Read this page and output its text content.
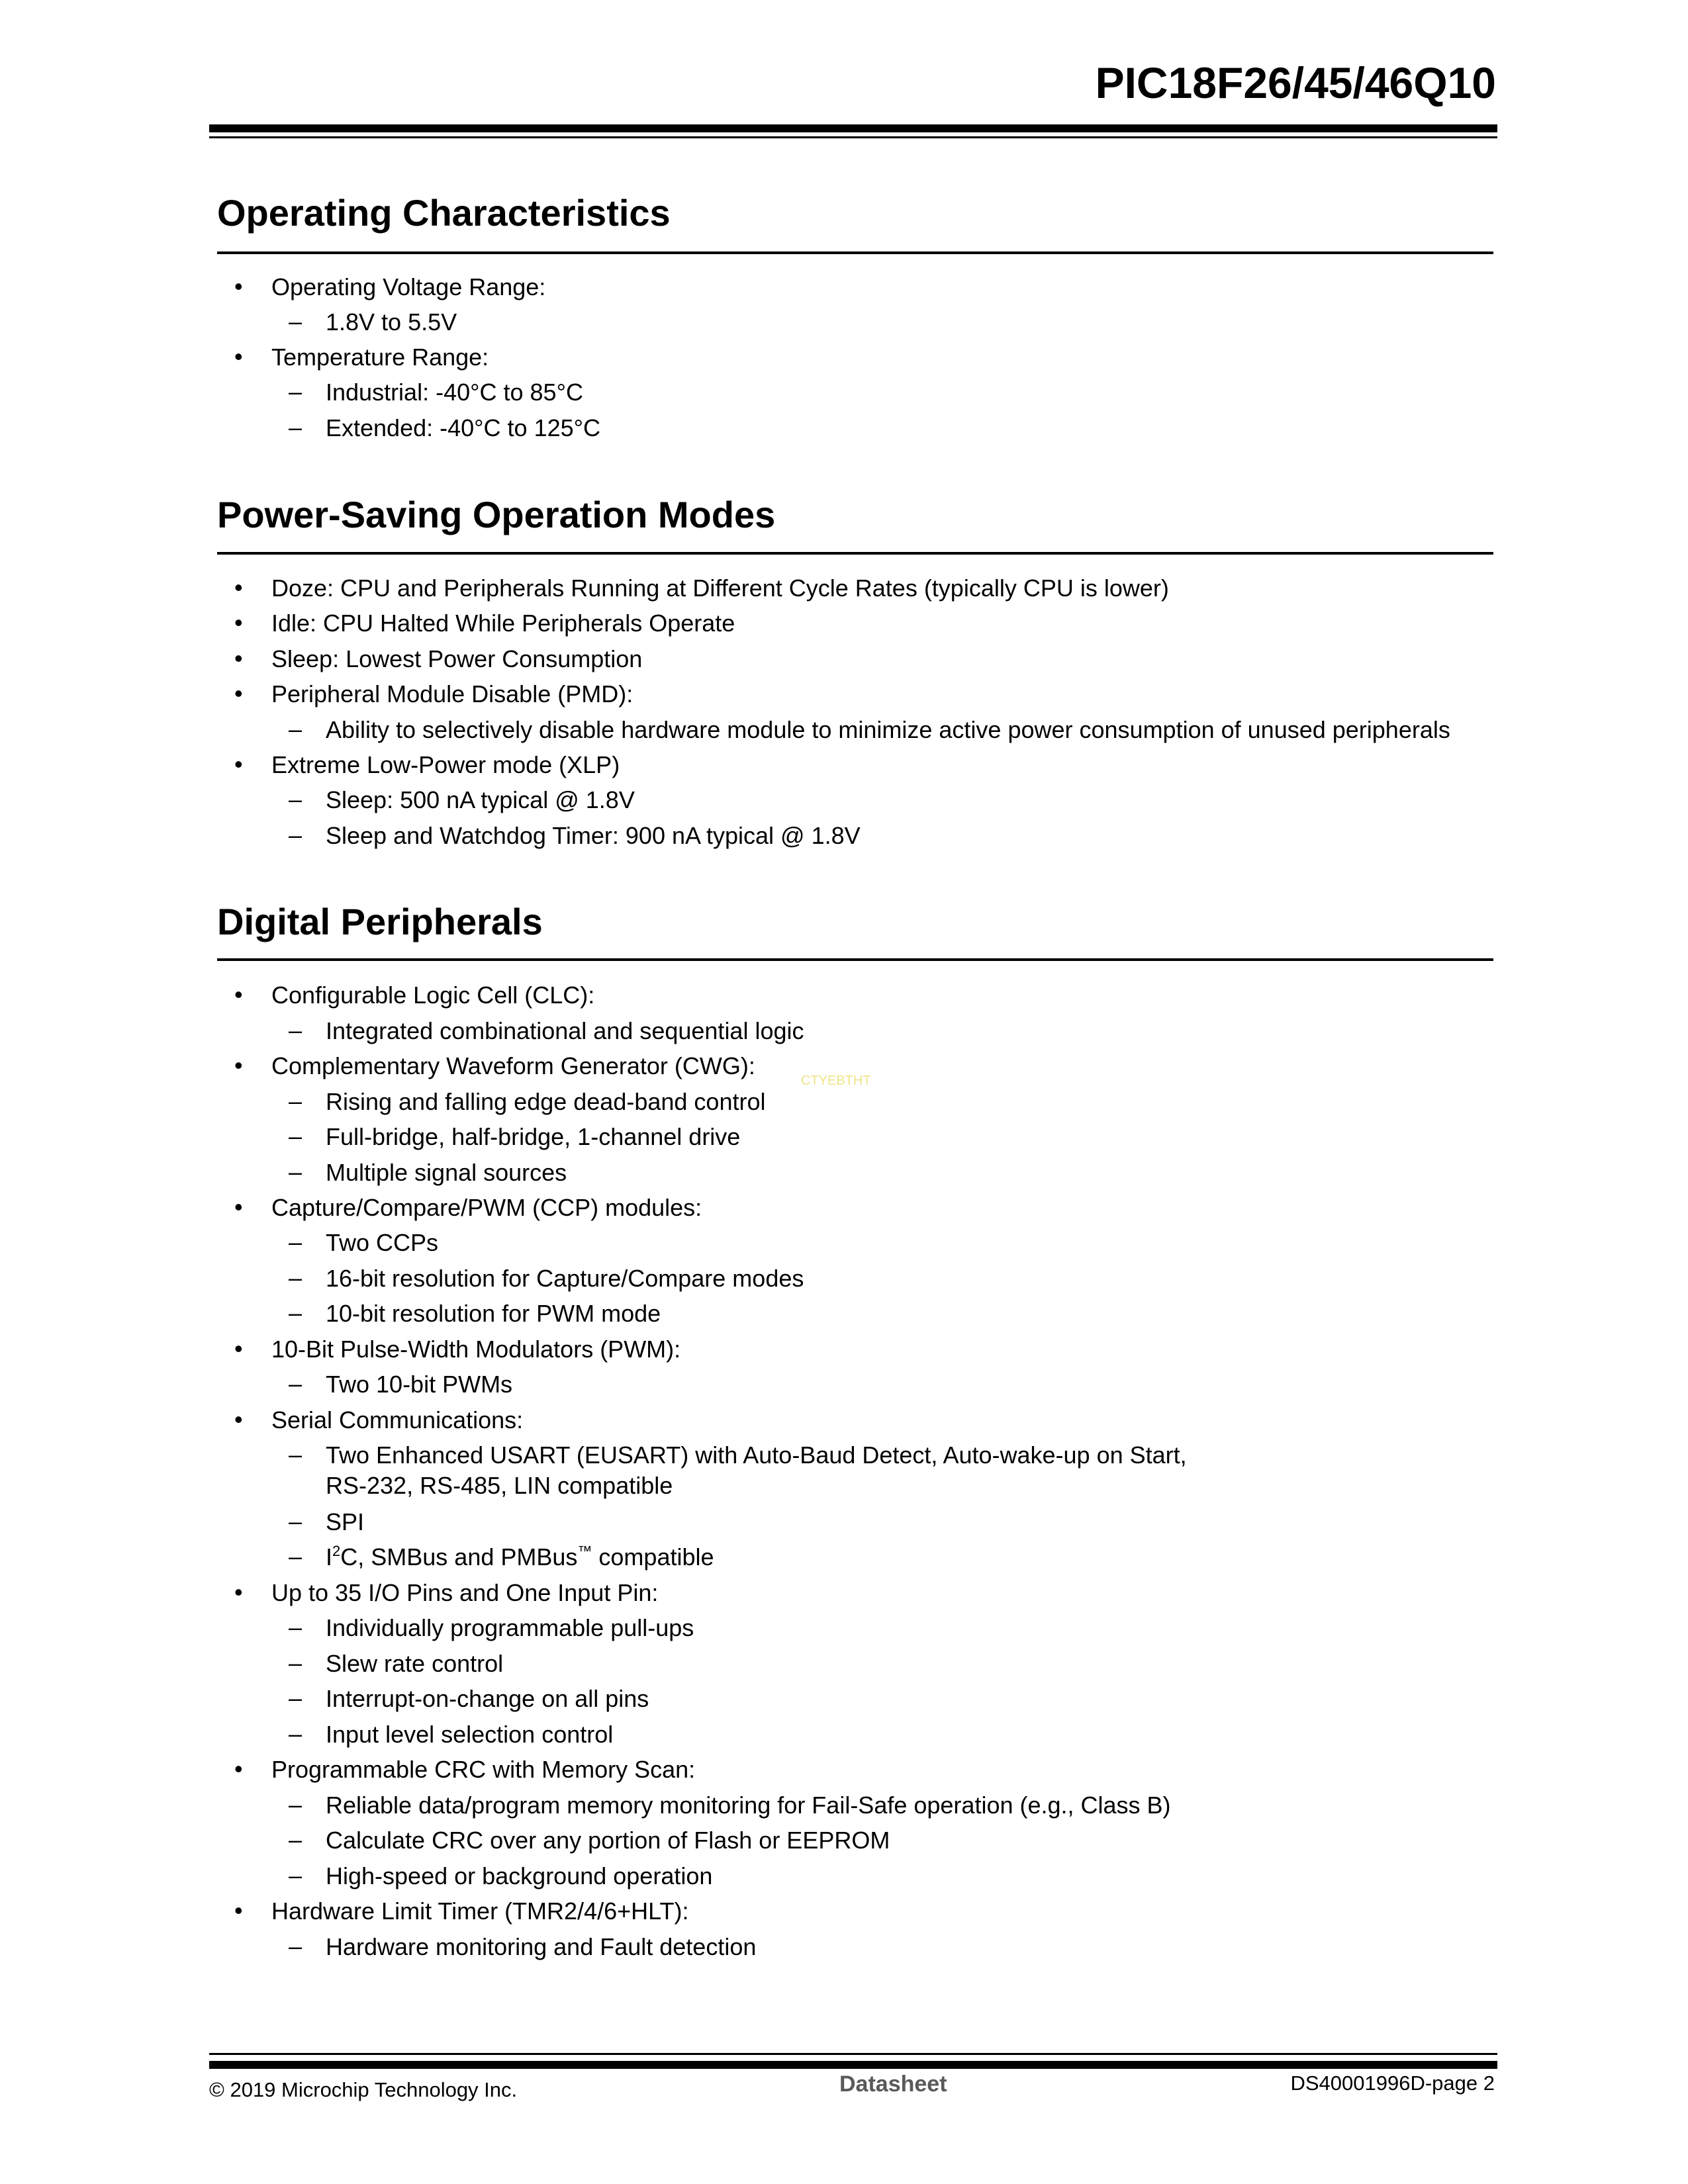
PIC18F26/45/46Q10
Operating Characteristics
• Operating Voltage Range:
– 1.8V to 5.5V
• Temperature Range:
– Industrial: -40°C to 85°C
– Extended: -40°C to 125°C
Power-Saving Operation Modes
• Doze: CPU and Peripherals Running at Different Cycle Rates (typically CPU is lower)
• Idle: CPU Halted While Peripherals Operate
• Sleep: Lowest Power Consumption
• Peripheral Module Disable (PMD):
– Ability to selectively disable hardware module to minimize active power consumption of unused peripherals
• Extreme Low-Power mode (XLP)
– Sleep: 500 nA typical @ 1.8V
– Sleep and Watchdog Timer: 900 nA typical @ 1.8V
Digital Peripherals
• Configurable Logic Cell (CLC):
– Integrated combinational and sequential logic
• Complementary Waveform Generator (CWG):
– Rising and falling edge dead-band control
– Full-bridge, half-bridge, 1-channel drive
– Multiple signal sources
• Capture/Compare/PWM (CCP) modules:
– Two CCPs
– 16-bit resolution for Capture/Compare modes
– 10-bit resolution for PWM mode
• 10-Bit Pulse-Width Modulators (PWM):
– Two 10-bit PWMs
• Serial Communications:
– Two Enhanced USART (EUSART) with Auto-Baud Detect, Auto-wake-up on Start,
RS-232, RS-485, LIN compatible
– SPI
– $I^2C$, SMBus and PMBus™ compatible
• Up to 35 I/O Pins and One Input Pin:
– Individually programmable pull-ups
– Slew rate control
– Interrupt-on-change on all pins
– Input level selection control
• Programmable CRC with Memory Scan:
– Reliable data/program memory monitoring for Fail-Safe operation (e.g., Class B)
– Calculate CRC over any portion of Flash or EEPROM
– High-speed or background operation
• Hardware Limit Timer (TMR2/4/6+HLT):
– Hardware monitoring and Fault detection
CTYEBTHT
© 2019 Microchip Technology Inc.	Datasheet	DS40001996D-page 2
